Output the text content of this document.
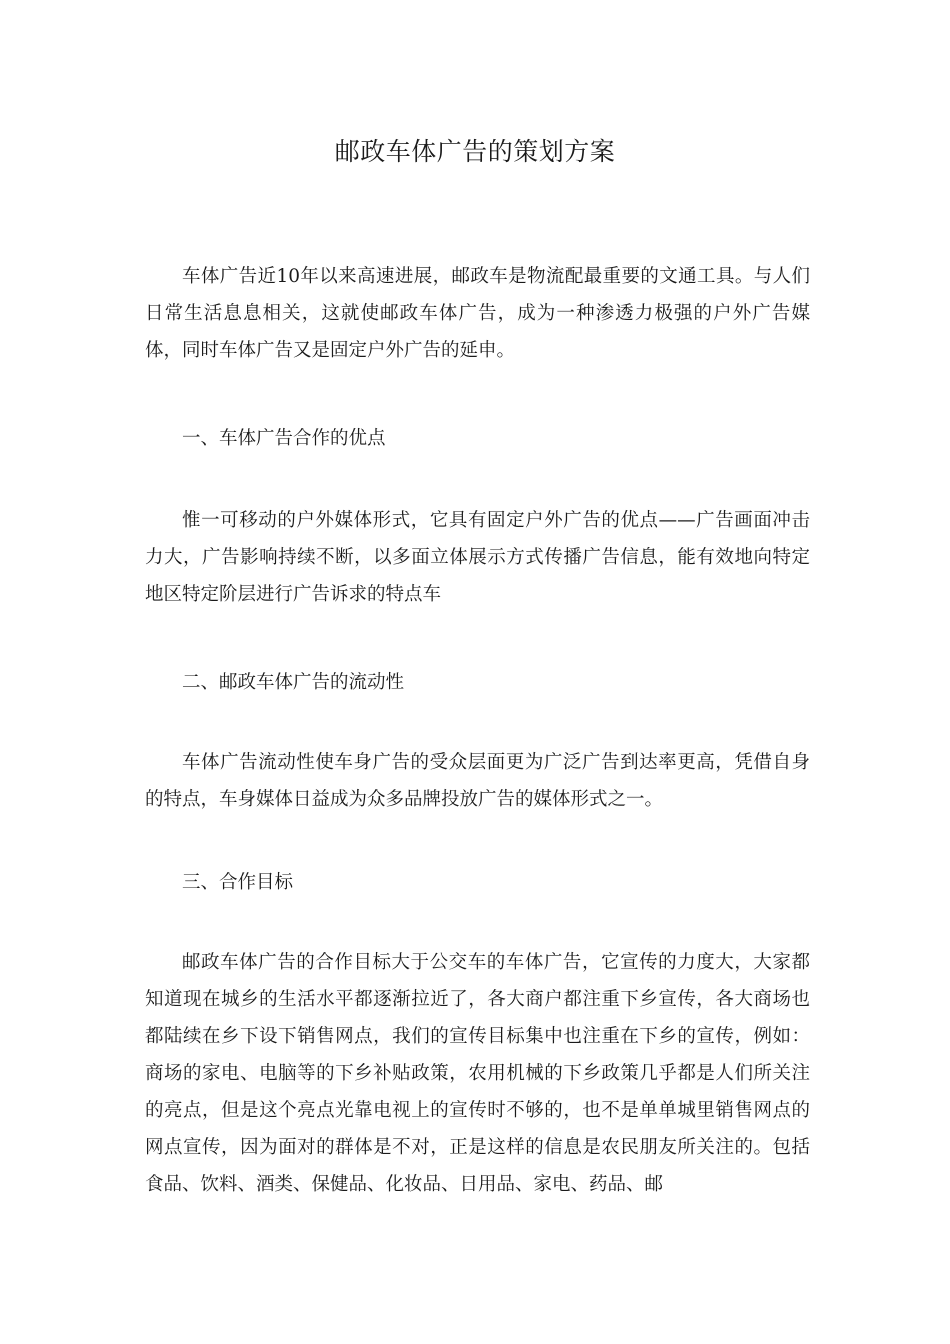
邮政车体广告的策划方案
车体广告近10年以来高速进展，邮政车是物流配最重要的文通工具。与人们日常生活息息相关，这就使邮政车体广告，成为一种渗透力极强的户外广告媒体，同时车体广告又是固定户外广告的延申。
一、车体广告合作的优点
惟一可移动的户外媒体形式，它具有固定户外广告的优点——广告画面冲击力大，广告影响持续不断，以多面立体展示方式传播广告信息，能有效地向特定地区特定阶层进行广告诉求的特点车
二、邮政车体广告的流动性
车体广告流动性使车身广告的受众层面更为广泛广告到达率更高，凭借自身的特点，车身媒体日益成为众多品牌投放广告的媒体形式之一。
三、合作目标
邮政车体广告的合作目标大于公交车的车体广告，它宣传的力度大，大家都知道现在城乡的生活水平都逐渐拉近了，各大商户都注重下乡宣传，各大商场也都陆续在乡下设下销售网点，我们的宣传目标集中也注重在下乡的宣传，例如：商场的家电、电脑等的下乡补贴政策，农用机械的下乡政策几乎都是人们所关注的亮点，但是这个亮点光靠电视上的宣传时不够的，也不是单单城里销售网点的网点宣传，因为面对的群体是不对，正是这样的信息是农民朋友所关注的。包括食品、饮料、酒类、保健品、化妆品、日用品、家电、药品、邮
